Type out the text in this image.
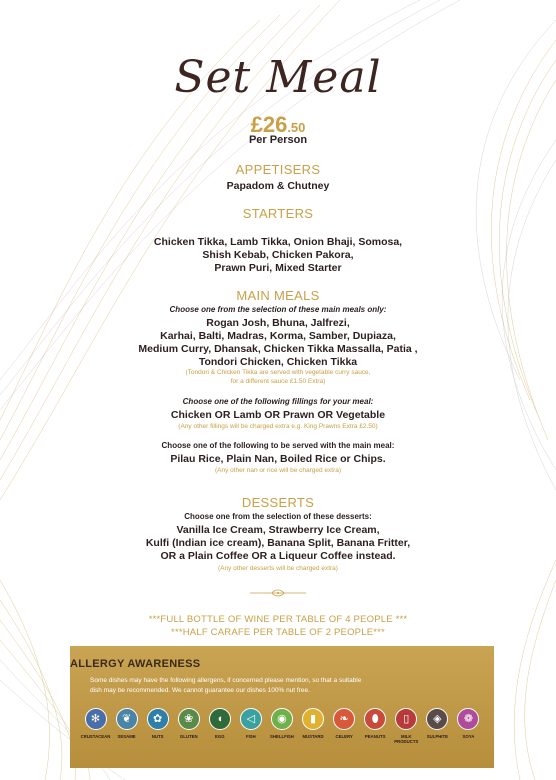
Set Meal
£26.50
Per Person
APPETISERS
Papadom & Chutney
STARTERS
Chicken Tikka, Lamb Tikka, Onion Bhaji, Somosa,
Shish Kebab, Chicken Pakora,
Prawn Puri, Mixed Starter
MAIN MEALS
Choose one from the selection of these main meals only:
Rogan Josh, Bhuna, Jalfrezi,
Karhai, Balti, Madras, Korma, Samber, Dupiaza,
Medium Curry, Dhansak, Chicken Tikka Massalla, Patia ,
Tondori Chicken, Chicken Tikka
(Tondori & Chicken Tikka are served with vegetable curry sauce,
for a different sauce £1.50 Extra)
Choose one of the following fillings for your meal:
Chicken OR Lamb OR Prawn OR Vegetable
(Any other fillings will be charged extra e.g. King Prawns Extra £2.50)
Choose one of the following to be served with the main meal:
Pilau Rice, Plain Nan, Boiled Rice or Chips.
(Any other nan or rice will be charged extra)
DESSERTS
Choose one from the selection of these desserts:
Vanilla Ice Cream, Strawberry Ice Cream,
Kulfi (Indian ice cream), Banana Split, Banana Fritter,
OR a Plain Coffee OR a Liqueur Coffee instead.
(Any other desserts will be charged extra)
***FULL BOTTLE OF WINE PER TABLE OF 4 PEOPLE ***
***HALF CARAFE PER TABLE OF 2 PEOPLE***
ALLERGY AWARENESS
Some dishes may have the following allergens, if concerned please mention, so that a suitable
dish may be recommended. We cannot guarantee our dishes 100% nut free.
✻
CRUSTACEAN
❦
SESAME
✿
NUTS
❀
GLUTEN
◖
EGG
◁
FISH
◉
SHELLFISH
▮
MUSTARD
❧
CELERY
⬮
PEANUTS
▯
MILK PRODUCTS
◈
SULPHITE
❁
SOYA
